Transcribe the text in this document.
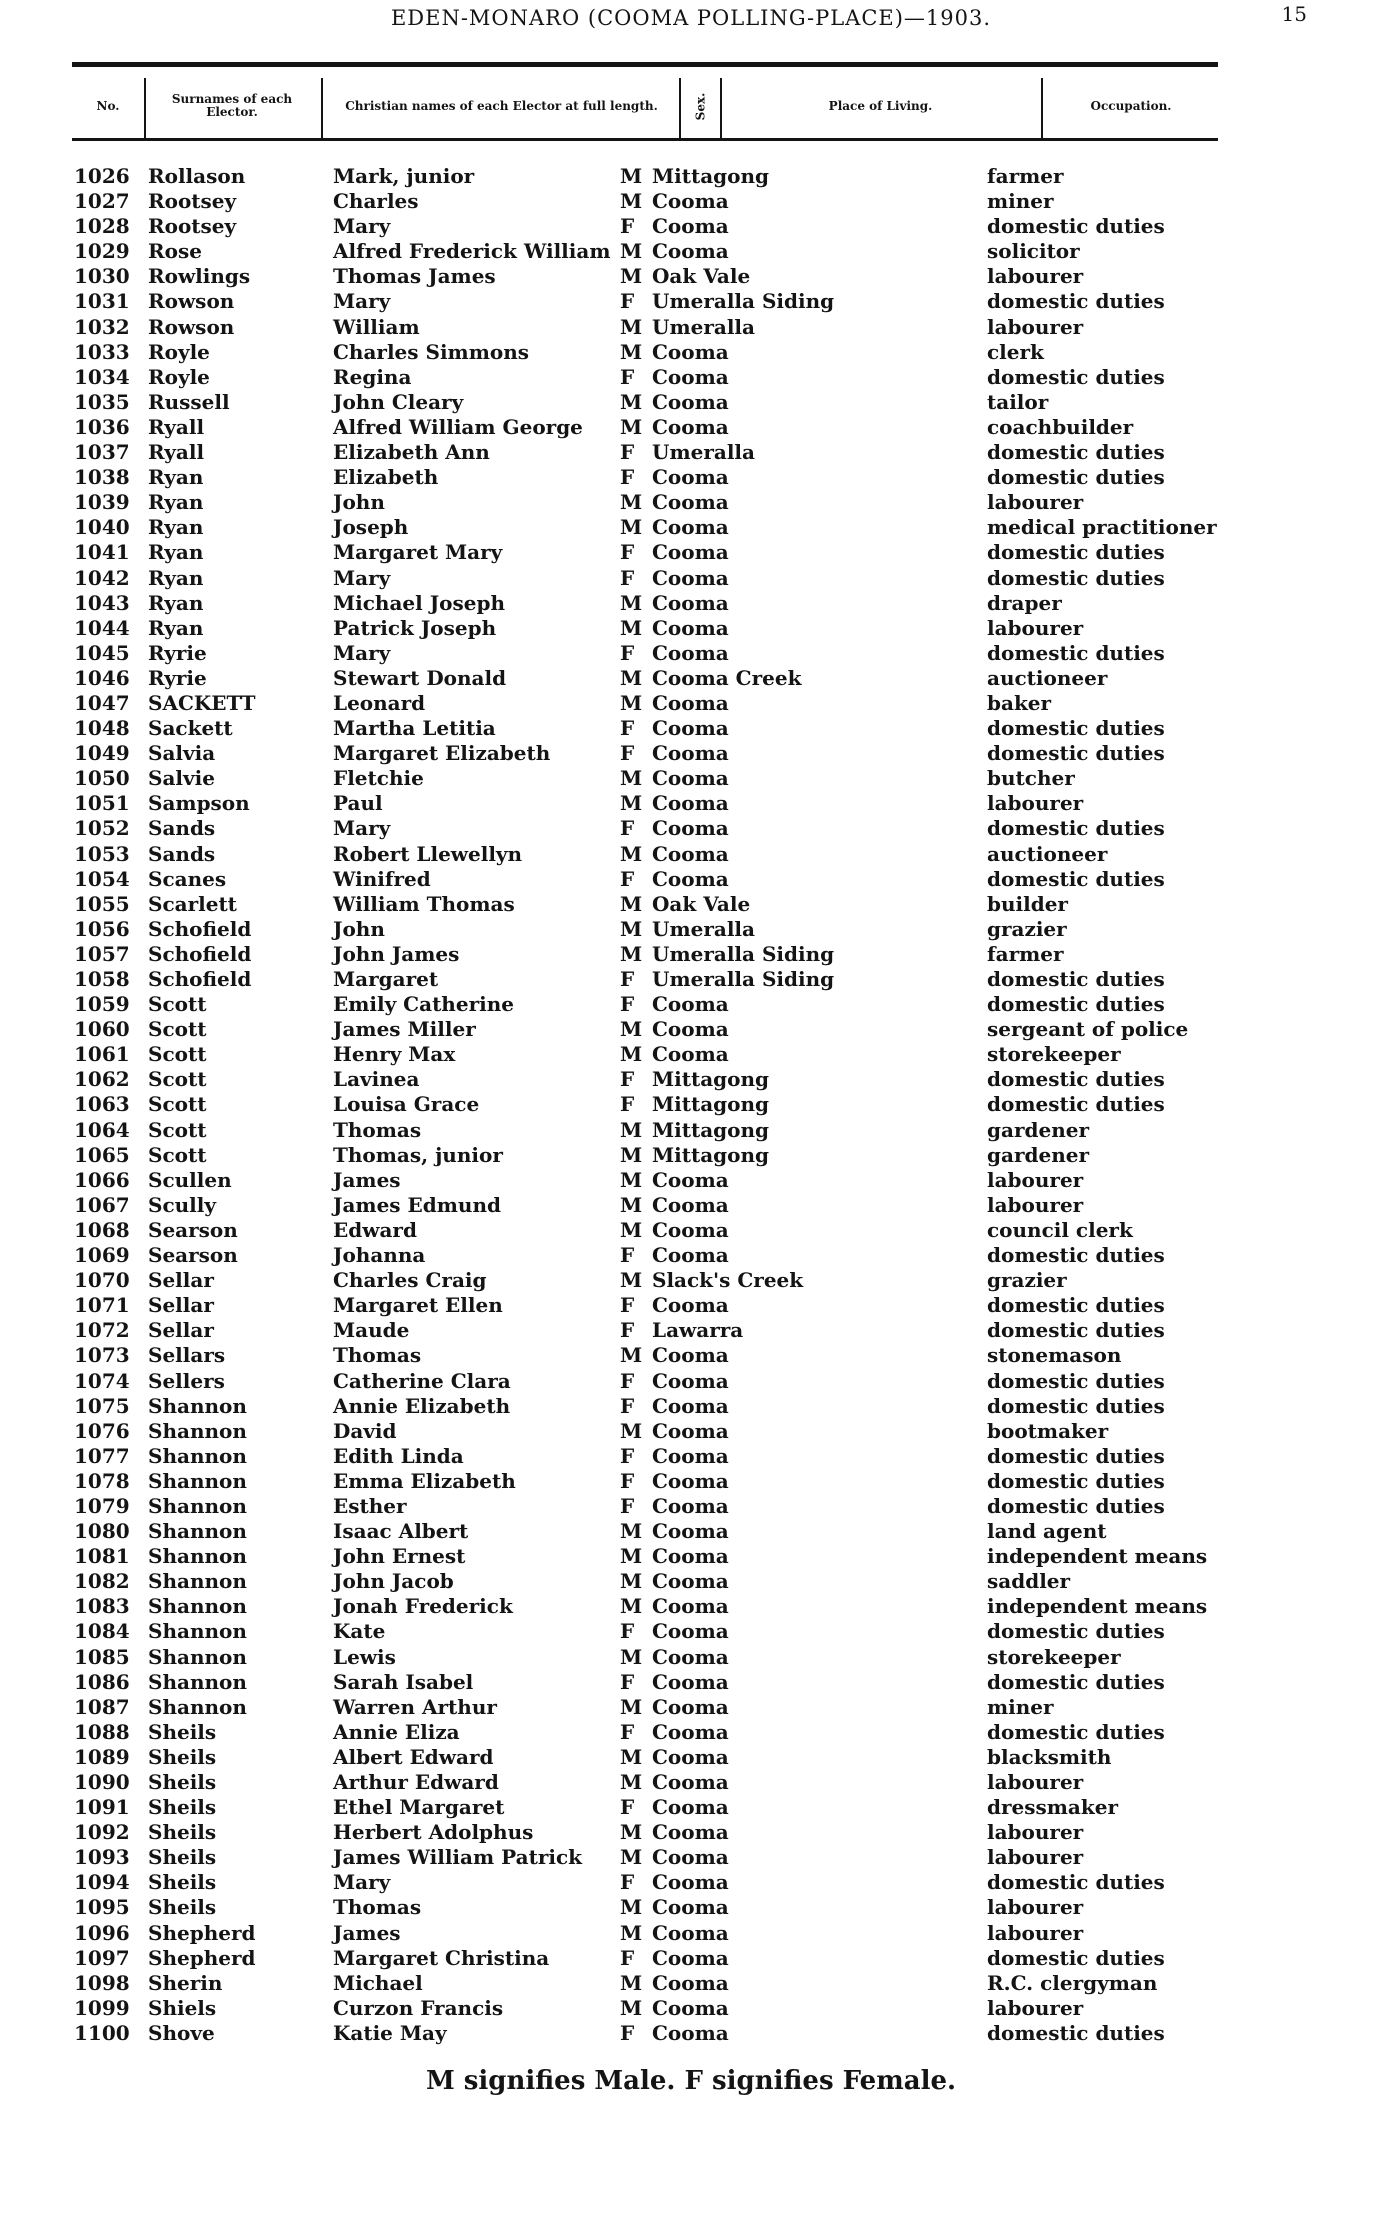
EDEN-MONARO (COOMA POLLING-PLACE)—1903.	15
No.	Surnames of each Elector.	Christian names of each Elector at full length.	Sex.	Place of Living.	Occupation.
1026 Rollason	Mark, junior	M Mittagong	farmer
1027 Rootsey	Charles	M Cooma	miner
1028 Rootsey	Mary	F Cooma	domestic duties
1029 Rose	Alfred Frederick William M Cooma	solicitor
1030 Rowlings	Thomas James	M Oak Vale	labourer
1031 Rowson	Mary	F Umeralla Siding	domestic duties
1032 Rowson	William	M Umeralla	labourer
1033 Royle	Charles Simmons	M Cooma	clerk
1034 Royle	Regina	F Cooma	domestic duties
1035 Russell	John Cleary	M Cooma	tailor
1036 Ryall	Alfred William George M Cooma	coachbuilder
1037 Ryall	Elizabeth Ann	F Umeralla	domestic duties
1038 Ryan	Elizabeth	F Cooma	domestic duties
1039 Ryan	John	M Cooma	labourer
1040 Ryan	Joseph	M Cooma	medical practitioner
1041 Ryan	Margaret Mary	F Cooma	domestic duties
1042 Ryan	Mary	F Cooma	domestic duties
1043 Ryan	Michael Joseph	M Cooma	draper
1044 Ryan	Patrick Joseph	M Cooma	labourer
1045 Ryrie	Mary	F Cooma	domestic duties
1046 Ryrie	Stewart Donald	M Cooma Creek	auctioneer
1047 SACKETT	Leonard	M Cooma	baker
1048 Sackett	Martha Letitia	F Cooma	domestic duties
1049 Salvia	Margaret Elizabeth	F Cooma	domestic duties
1050 Salvie	Fletchie	M Cooma	butcher
1051 Sampson	Paul	M Cooma	labourer
1052 Sands	Mary	F Cooma	domestic duties
1053 Sands	Robert Llewellyn	M Cooma	auctioneer
1054 Scanes	Winifred	F Cooma	domestic duties
1055 Scarlett	William Thomas	M Oak Vale	builder
1056 Schofield	John	M Umeralla	grazier
1057 Schofield	John James	M Umeralla Siding	farmer
1058 Schofield	Margaret	F Umeralla Siding	domestic duties
1059 Scott	Emily Catherine	F Cooma	domestic duties
1060 Scott	James Miller	M Cooma	sergeant of police
1061 Scott	Henry Max	M Cooma	storekeeper
1062 Scott	Lavinea	F Mittagong	domestic duties
1063 Scott	Louisa Grace	F Mittagong	domestic duties
1064 Scott	Thomas	M Mittagong	gardener
1065 Scott	Thomas, junior	M Mittagong	gardener
1066 Scullen	James	M Cooma	labourer
1067 Scully	James Edmund	M Cooma	labourer
1068 Searson	Edward	M Cooma	council clerk
1069 Searson	Johanna	F Cooma	domestic duties
1070 Sellar	Charles Craig	M Slack's Creek	grazier
1071 Sellar	Margaret Ellen	F Cooma	domestic duties
1072 Sellar	Maude	F Lawarra	domestic duties
1073 Sellars	Thomas	M Cooma	stonemason
1074 Sellers	Catherine Clara	F Cooma	domestic duties
1075 Shannon	Annie Elizabeth	F Cooma	domestic duties
1076 Shannon	David	M Cooma	bootmaker
1077 Shannon	Edith Linda	F Cooma	domestic duties
1078 Shannon	Emma Elizabeth	F Cooma	domestic duties
1079 Shannon	Esther	F Cooma	domestic duties
1080 Shannon	Isaac Albert	M Cooma	land agent
1081 Shannon	John Ernest	M Cooma	independent means
1082 Shannon	John Jacob	M Cooma	saddler
1083 Shannon	Jonah Frederick	M Cooma	independent means
1084 Shannon	Kate	F Cooma	domestic duties
1085 Shannon	Lewis	M Cooma	storekeeper
1086 Shannon	Sarah Isabel	F Cooma	domestic duties
1087 Shannon	Warren Arthur	M Cooma	miner
1088 Sheils	Annie Eliza	F Cooma	domestic duties
1089 Sheils	Albert Edward	M Cooma	blacksmith
1090 Sheils	Arthur Edward	M Cooma	labourer
1091 Sheils	Ethel Margaret	F Cooma	dressmaker
1092 Sheils	Herbert Adolphus	M Cooma	labourer
1093 Sheils	James William Patrick M Cooma	labourer
1094 Sheils	Mary	F Cooma	domestic duties
1095 Sheils	Thomas	M Cooma	labourer
1096 Shepherd	James	M Cooma	labourer
1097 Shepherd	Margaret Christina	F Cooma	domestic duties
1098 Sherin	Michael	M Cooma	R.C. clergyman
1099 Shiels	Curzon Francis	M Cooma	labourer
1100 Shove	Katie May	F Cooma	domestic duties
M signifies Male. F signifies Female.
